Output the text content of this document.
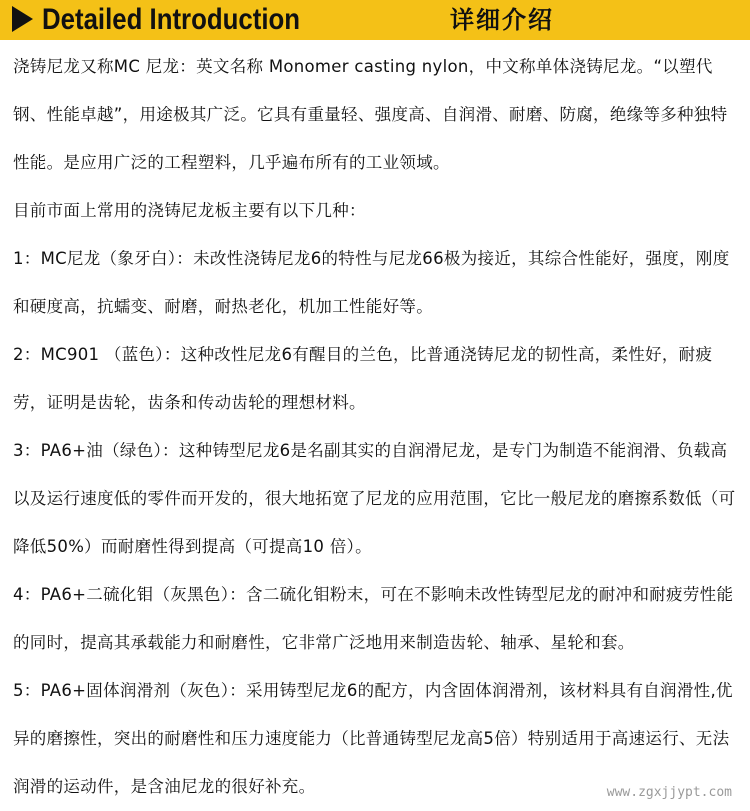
Detailed Introduction	详细介绍

浇铸尼龙又称MC 尼龙：英文名称 Monomer casting nylon，中文称单体浇铸尼龙。“以塑代钢、性能卓越”，用途极其广泛。它具有重量轻、强度高、自润滑、耐磨、防腐，绝缘等多种独特性能。是应用广泛的工程塑料，几乎遍布所有的工业领域。

目前市面上常用的浇铸尼龙板主要有以下几种：

1：MC尼龙（象牙白）：未改性浇铸尼龙6的特性与尼龙66极为接近，其综合性能好，强度，刚度和硬度高，抗蠕变、耐磨，耐热老化，机加工性能好等。

2：MC901 （蓝色）：这种改性尼龙6有醒目的兰色，比普通浇铸尼龙的韧性高，柔性好，耐疲劳，证明是齿轮，齿条和传动齿轮的理想材料。

3：PA6+油（绿色）：这种铸型尼龙6是名副其实的自润滑尼龙，是专门为制造不能润滑、负载高以及运行速度低的零件而开发的，很大地拓宽了尼龙的应用范围，它比一般尼龙的磨擦系数低（可降低50%）而耐磨性得到提高（可提高10 倍）。

4：PA6+二硫化钼（灰黑色）：含二硫化钼粉末，可在不影响未改性铸型尼龙的耐冲和耐疲劳性能的同时，提高其承载能力和耐磨性，它非常广泛地用来制造齿轮、轴承、星轮和套。

5：PA6+固体润滑剂（灰色）：采用铸型尼龙6的配方，内含固体润滑剂，该材料具有自润滑性,优异的磨擦性，突出的耐磨性和压力速度能力（比普通铸型尼龙高5倍）特别适用于高速运行、无法润滑的运动件，是含油尼龙的很好补充。	www.zgxjjypt.com
